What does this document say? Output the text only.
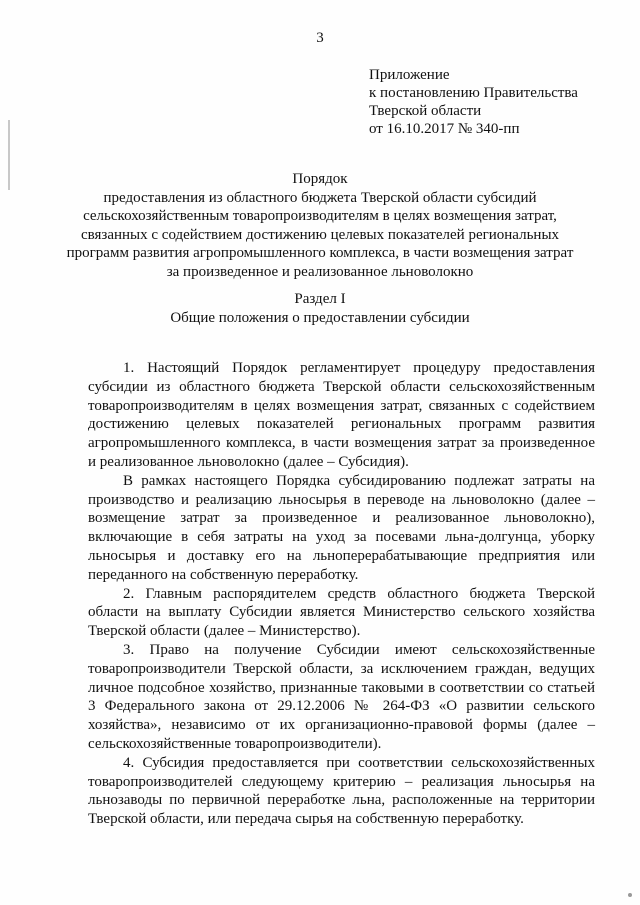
3
Приложение
к постановлению Правительства
Тверской области
от 16.10.2017 № 340-пп
Порядок
предоставления из областного бюджета Тверской области субсидий сельскохозяйственным товаропроизводителям в целях возмещения затрат, связанных с содействием достижению целевых показателей региональных программ развития агропромышленного комплекса, в части возмещения затрат за произведенное и реализованное льноволокно
Раздел I
Общие положения о предоставлении субсидии

1. Настоящий Порядок регламентирует процедуру предоставления субсидии из областного бюджета Тверской области сельскохозяйственным товаропроизводителям в целях возмещения затрат, связанных с содействием достижению целевых показателей региональных программ развития агропромышленного комплекса, в части возмещения затрат за произведенное и реализованное льноволокно (далее – Субсидия).

В рамках настоящего Порядка субсидированию подлежат затраты на производство и реализацию льносырья в переводе на льноволокно (далее – возмещение затрат за произведенное и реализованное льноволокно), включающие в себя затраты на уход за посевами льна-долгунца, уборку льносырья и доставку его на льноперерабатывающие предприятия или переданного на собственную переработку.

2. Главным распорядителем средств областного бюджета Тверской области на выплату Субсидии является Министерство сельского хозяйства Тверской области (далее – Министерство).

3. Право на получение Субсидии имеют сельскохозяйственные товаропроизводители Тверской области, за исключением граждан, ведущих личное подсобное хозяйство, признанные таковыми в соответствии со статьей 3 Федерального закона от 29.12.2006 № 264-ФЗ «О развитии сельского хозяйства», независимо от их организационно-правовой формы (далее – сельскохозяйственные товаропроизводители).

4. Субсидия предоставляется при соответствии сельскохозяйственных товаропроизводителей следующему критерию – реализация льносырья на льнозаводы по первичной переработке льна, расположенные на территории Тверской области, или передача сырья на собственную переработку.
